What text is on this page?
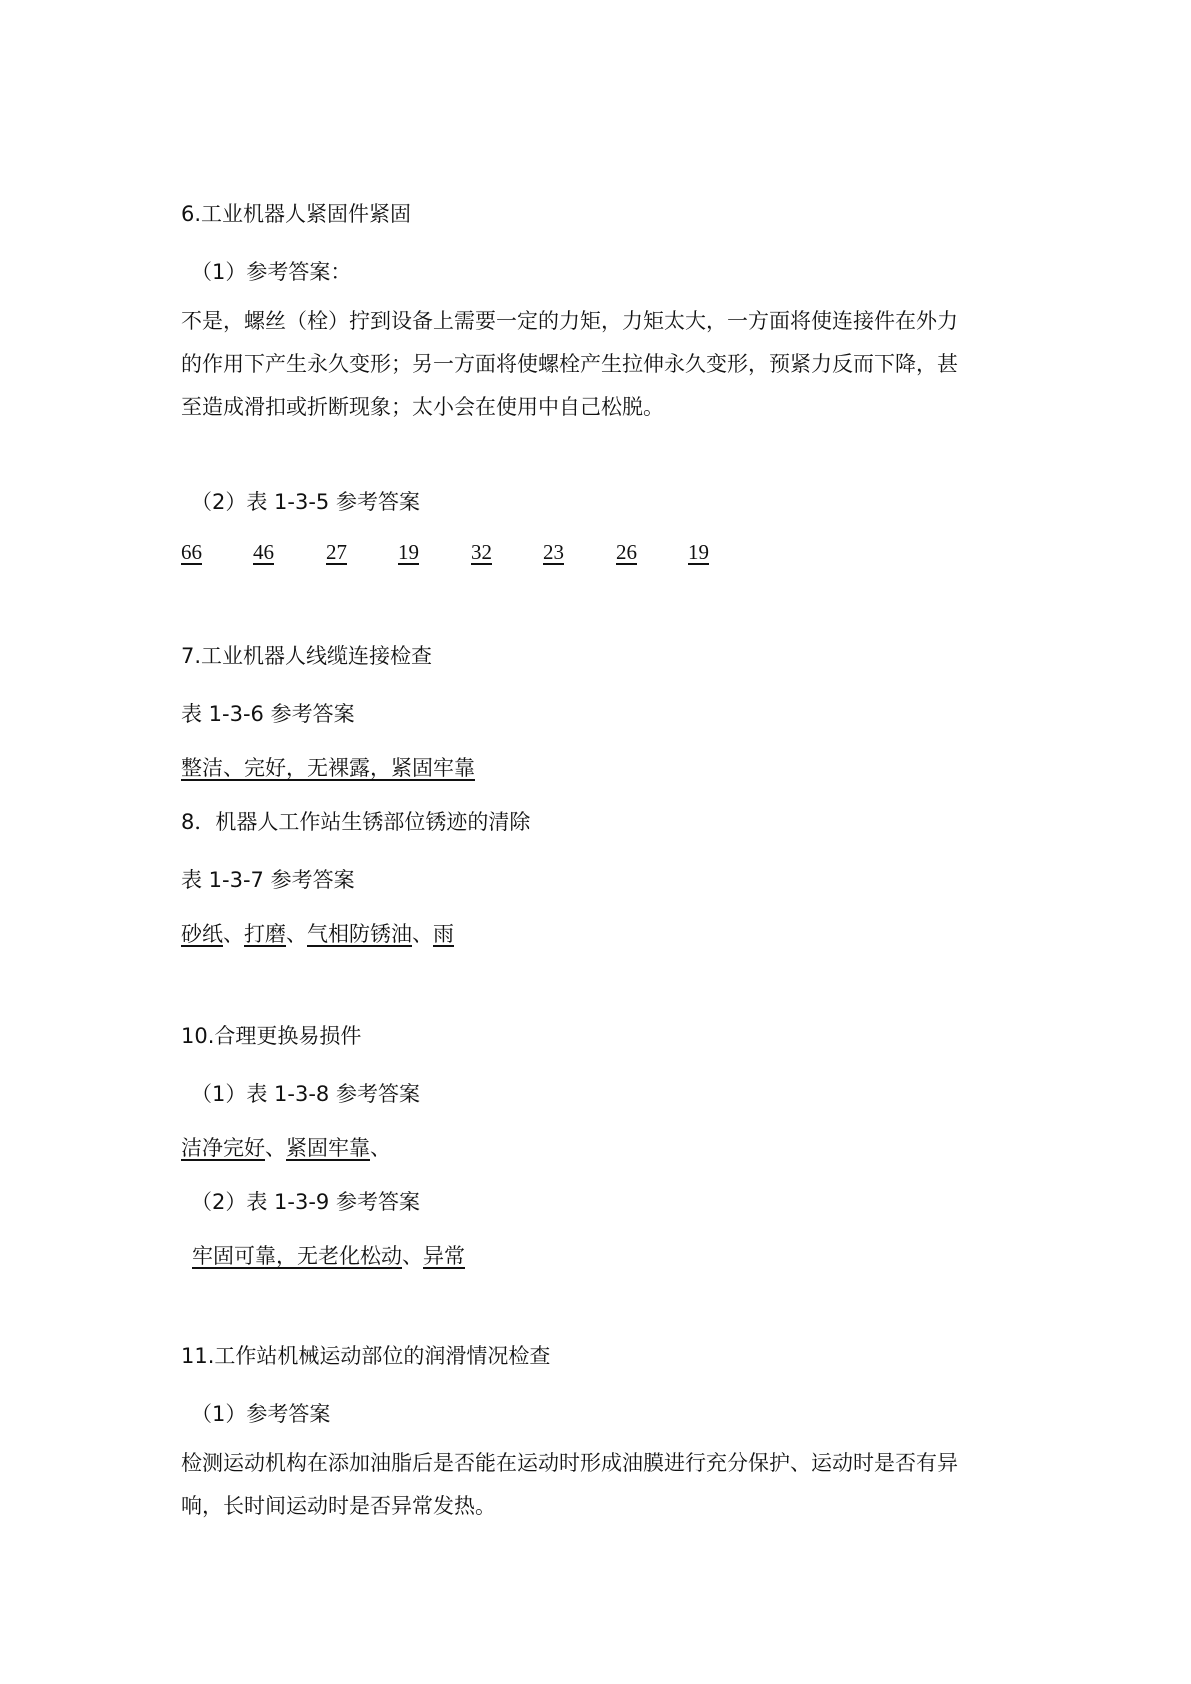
6.工业机器人紧固件紧固
（1）参考答案：
不是，螺丝（栓）拧到设备上需要一定的力矩，力矩太大，一方面将使连接件在外力
的作用下产生永久变形；另一方面将使螺栓产生拉伸永久变形，预紧力反而下降，甚
至造成滑扣或折断现象；太小会在使用中自己松脱。
（2）表 1-3-5 参考答案
66 46 27 19 32 23 26 19
7.工业机器人线缆连接检查
表 1-3-6 参考答案
整洁、完好，无裸露，紧固牢靠
8．机器人工作站生锈部位锈迹的清除
表 1-3-7 参考答案
砂纸、打磨、气相防锈油、雨
10.合理更换易损件
（1）表 1-3-8 参考答案
洁净完好、紧固牢靠、
（2）表 1-3-9 参考答案
牢固可靠，无老化松动、异常
11.工作站机械运动部位的润滑情况检查
（1）参考答案
检测运动机构在添加油脂后是否能在运动时形成油膜进行充分保护、运动时是否有异
响，长时间运动时是否异常发热。
